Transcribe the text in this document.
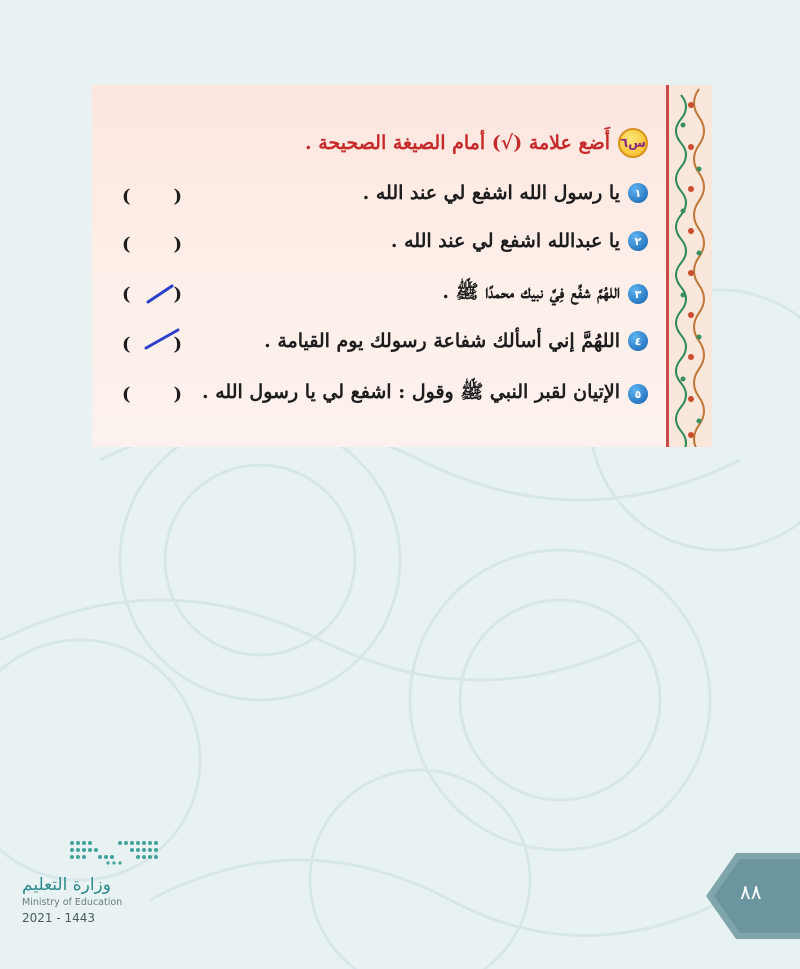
س٦
أَضع علامة (√) أمام الصيغة الصحيحة .
١
يا رسول الله اشفع لي عند الله .
( )
٢
يا عبدالله اشفع لي عند الله .
( )
٣
اللهُمَّ شفِّع فِيَّ نبيك محمدًا ﷺ .
( )
٤
اللهُمَّ إني أسألك شفاعة رسولك يوم القيامة .
( )
٥
الإتيان لقبر النبي ﷺ وقول : اشفع لي يا رسول الله .
( )
وزارة التعليم
Ministry of Education
2021 - 1443
٨٨
